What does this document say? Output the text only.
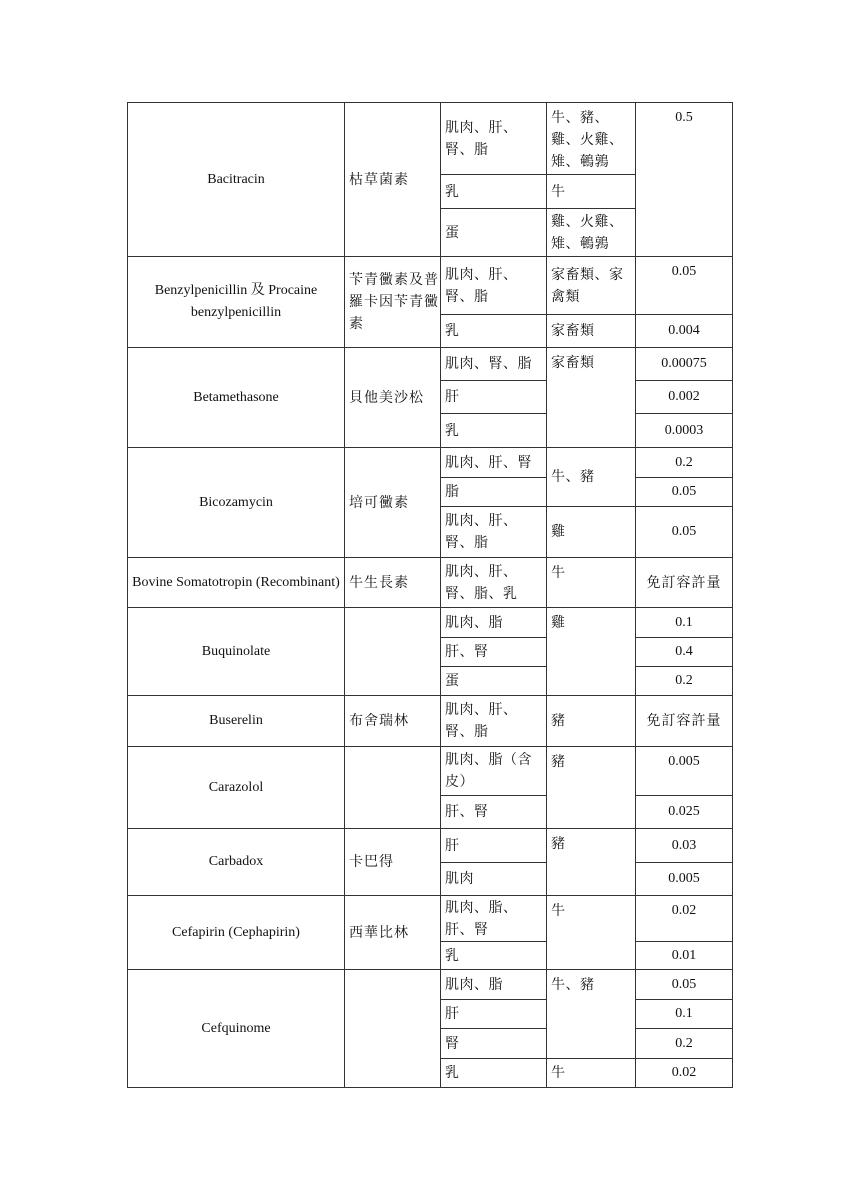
Bacitracin	枯草菌素	肌肉、肝、腎、脂	牛、豬、雞、火雞、雉、鵪鶉	0.5
		乳	牛	
		蛋	雞、火雞、雉、鵪鶉	
Benzylpenicillin 及 Procaine benzylpenicillin	苄青黴素及普羅卡因苄青黴素	肌肉、肝、腎、脂	家畜類、家禽類	0.05
		乳	家畜類	0.004
Betamethasone	貝他美沙松	肌肉、腎、脂	家畜類	0.00075
		肝		0.002
		乳		0.0003
Bicozamycin	培可黴素	肌肉、肝、腎	牛、豬	0.2
		脂		0.05
		肌肉、肝、腎、脂	雞	0.05
Bovine Somatotropin (Recombinant)	牛生長素	肌肉、肝、腎、脂、乳	牛	免訂容許量
Buquinolate		肌肉、脂	雞	0.1
		肝、腎		0.4
		蛋		0.2
Buserelin	布舍瑞林	肌肉、肝、腎、脂	豬	免訂容許量
Carazolol		肌肉、脂（含皮）	豬	0.005
		肝、腎		0.025
Carbadox	卡巴得	肝	豬	0.03
		肌肉		0.005
Cefapirin (Cephapirin)	西華比林	肌肉、脂、肝、腎	牛	0.02
		乳		0.01
Cefquinome		肌肉、脂	牛、豬	0.05
		肝		0.1
		腎		0.2
		乳	牛	0.02
